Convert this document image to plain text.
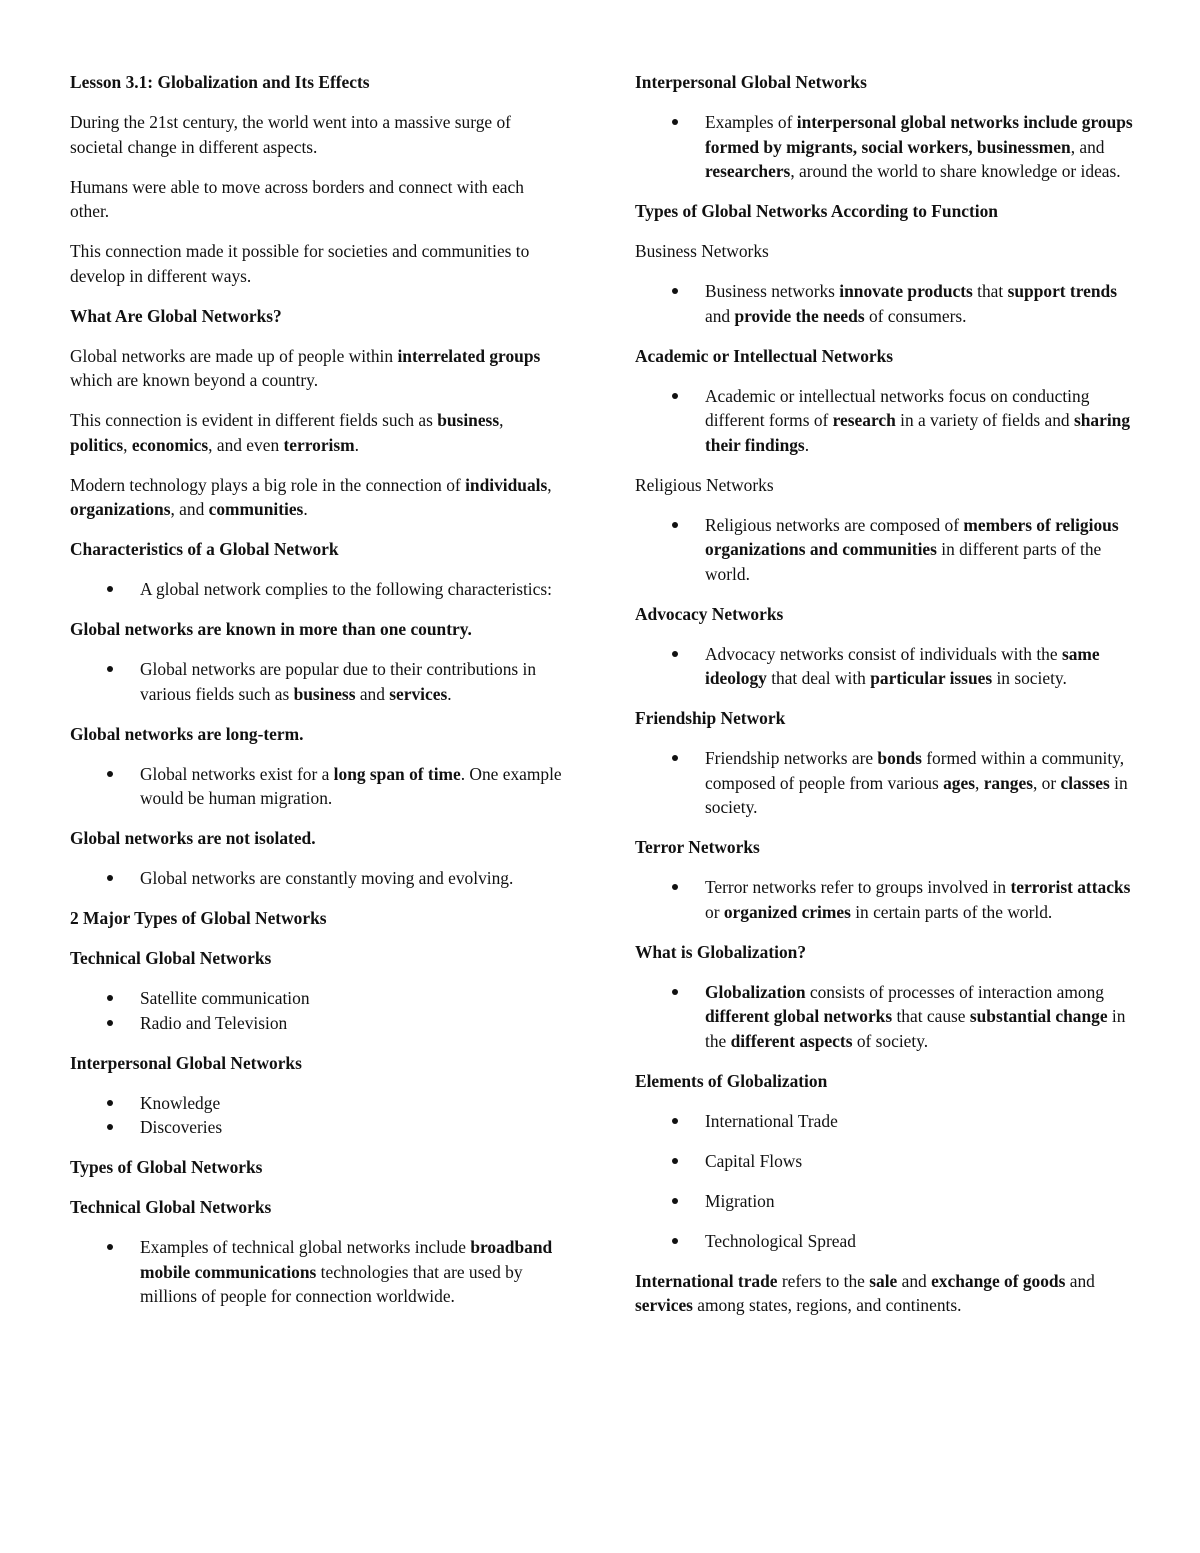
Lesson 3.1: Globalization and Its Effects

During the 21st century, the world went into a massive surge of societal change in different aspects.

Humans were able to move across borders and connect with each other.

This connection made it possible for societies and communities to develop in different ways.

What Are Global Networks?

Global networks are made up of people within interrelated groups which are known beyond a country.

This connection is evident in different fields such as business, politics, economics, and even terrorism.

Modern technology plays a big role in the connection of individuals, organizations, and communities.

Characteristics of a Global Network
A global network complies to the following characteristics:
Global networks are known in more than one country.
Global networks are popular due to their contributions in various fields such as business and services.
Global networks are long-term.
Global networks exist for a long span of time. One example would be human migration.
Global networks are not isolated.
Global networks are constantly moving and evolving.
2 Major Types of Global Networks
Technical Global Networks
Satellite communication
Radio and Television
Interpersonal Global Networks
Knowledge
Discoveries
Types of Global Networks
Technical Global Networks
Examples of technical global networks include broadband mobile communications technologies that are used by millions of people for connection worldwide.
Interpersonal Global Networks
Examples of interpersonal global networks include groups formed by migrants, social workers, businessmen, and researchers, around the world to share knowledge or ideas.
Types of Global Networks According to Function

Business Networks

Business networks innovate products that support trends and provide the needs of consumers.
Academic or Intellectual Networks
Academic or intellectual networks focus on conducting different forms of research in a variety of fields and sharing their findings.

Religious Networks

Religious networks are composed of members of religious organizations and communities in different parts of the world.
Advocacy Networks
Advocacy networks consist of individuals with the same ideology that deal with particular issues in society.
Friendship Network
Friendship networks are bonds formed within a community, composed of people from various ages, ranges, or classes in society.
Terror Networks
Terror networks refer to groups involved in terrorist attacks or organized crimes in certain parts of the world.
What is Globalization?
Globalization consists of processes of interaction among different global networks that cause substantial change in the different aspects of society.
Elements of Globalization
International Trade
Capital Flows
Migration
Technological Spread

International trade refers to the sale and exchange of goods and services among states, regions, and continents.
